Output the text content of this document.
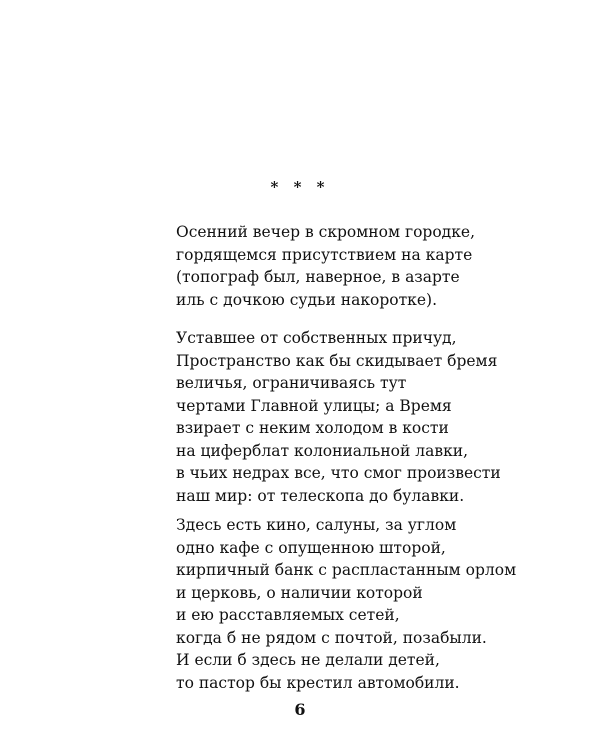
* * *
Осенний вечер в скромном городке,
гордящемся присутствием на карте
(топограф был, наверное, в азарте
иль с дочкою судьи накоротке).
Уставшее от собственных причуд,
Пространство как бы скидывает бремя
величья, ограничиваясь тут
чертами Главной улицы; а Время
взирает с неким холодом в кости
на циферблат колониальной лавки,
в чьих недрах все, что смог произвести
наш мир: от телескопа до булавки.
Здесь есть кино, салуны, за углом
одно кафе с опущенною шторой,
кирпичный банк с распластанным орлом
и церковь, о наличии которой
и ею расставляемых сетей,
когда б не рядом с почтой, позабыли.
И если б здесь не делали детей,
то пастор бы крестил автомобили.
6
